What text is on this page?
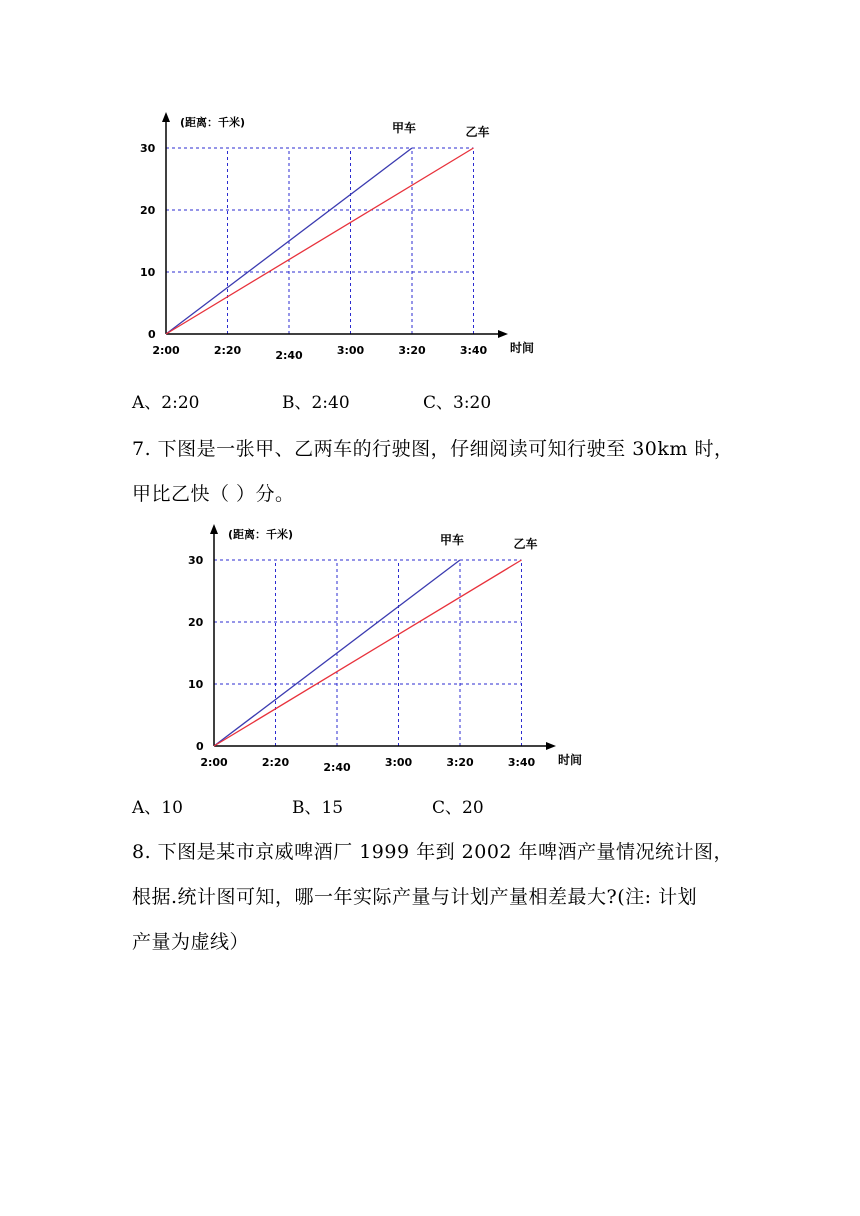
(距离：千米)
时间
0
10
20
30
2:00	2:20	2:40	3:00	3:20	3:40
甲车	乙车
A、2:20	B、2:40	C、3:20
7. 下图是一张甲、乙两车的行驶图，仔细阅读可知行驶至 30km 时，
甲比乙快（ ）分。
(距离：千米)
时间
0
10
20
30
2:00	2:20	2:40	3:00	3:20	3:40
甲车	乙车
A、10	B、15	C、20
8. 下图是某市京威啤酒厂 1999 年到 2002 年啤酒产量情况统计图，
根据.统计图可知，哪一年实际产量与计划产量相差最大?(注: 计划
产量为虚线）
